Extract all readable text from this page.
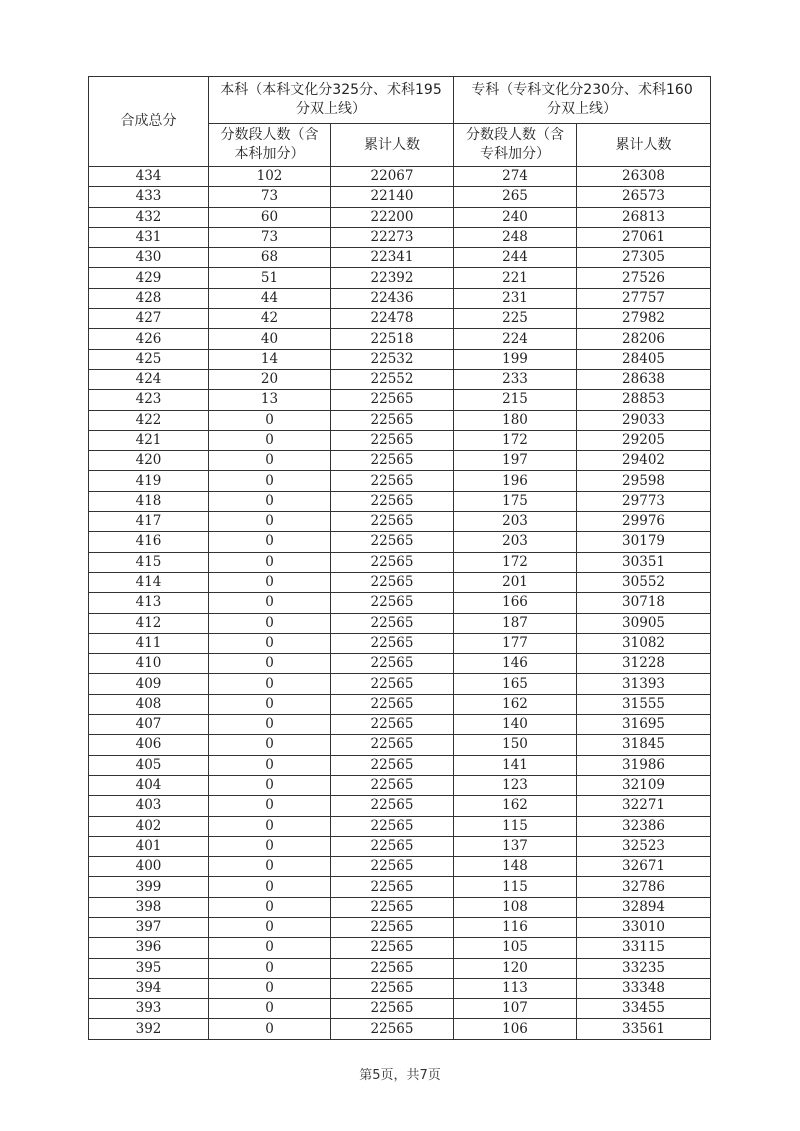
合成总分	本科（本科文化分325分、术科195
分双上线）		专科（专科文化分230分、术科160
分双上线）	

	分数段人数（含
本科加分）	累计人数	分数段人数（含
专科加分）	累计人数
434	102	22067	274	26308
433	73	22140	265	26573
432	60	22200	240	26813
431	73	22273	248	27061
430	68	22341	244	27305
429	51	22392	221	27526
428	44	22436	231	27757
427	42	22478	225	27982
426	40	22518	224	28206
425	14	22532	199	28405
424	20	22552	233	28638
423	13	22565	215	28853
422	0	22565	180	29033
421	0	22565	172	29205
420	0	22565	197	29402
419	0	22565	196	29598
418	0	22565	175	29773
417	0	22565	203	29976
416	0	22565	203	30179
415	0	22565	172	30351
414	0	22565	201	30552
413	0	22565	166	30718
412	0	22565	187	30905
411	0	22565	177	31082
410	0	22565	146	31228
409	0	22565	165	31393
408	0	22565	162	31555
407	0	22565	140	31695
406	0	22565	150	31845
405	0	22565	141	31986
404	0	22565	123	32109
403	0	22565	162	32271
402	0	22565	115	32386
401	0	22565	137	32523
400	0	22565	148	32671
399	0	22565	115	32786
398	0	22565	108	32894
397	0	22565	116	33010
396	0	22565	105	33115
395	0	22565	120	33235
394	0	22565	113	33348
393	0	22565	107	33455
392	0	22565	106	33561
第5页，共7页
